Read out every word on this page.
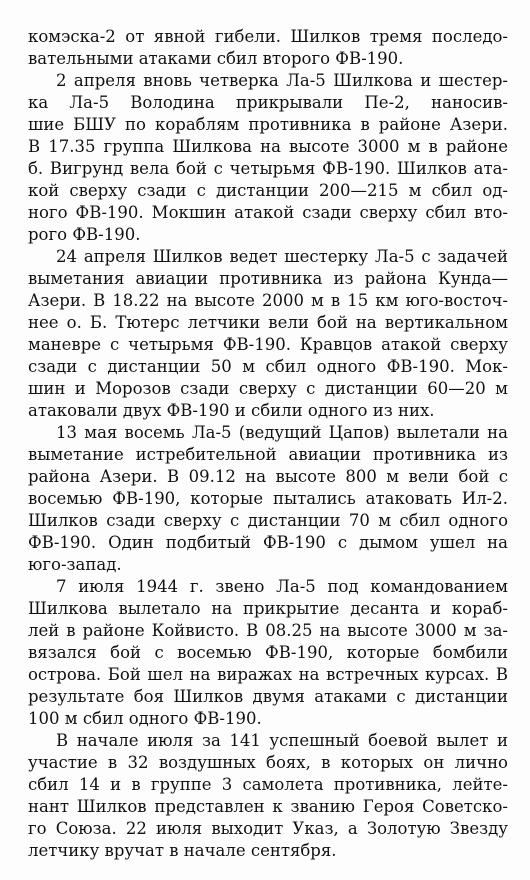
комэска-2 от явной гибели. Шилков тремя последо-
вательными атаками сбил второго ФВ-190.
2 апреля вновь четверка Ла-5 Шилкова и шестер-
ка Ла-5 Володина прикрывали Пе-2, наносив-
шие БШУ по кораблям противника в районе Азери.
В 17.35 группа Шилкова на высоте 3000 м в районе
б. Вигрунд вела бой с четырьмя ФВ-190. Шилков ата-
кой сверху сзади с дистанции 200—215 м сбил од-
ного ФВ-190. Мокшин атакой сзади сверху сбил вто-
рого ФВ-190.
24 апреля Шилков ведет шестерку Ла-5 с задачей
выметания авиации противника из района Кунда—
Азери. В 18.22 на высоте 2000 м в 15 км юго-восточ-
нее о. Б. Тютерс летчики вели бой на вертикальном
маневре с четырьмя ФВ-190. Кравцов атакой сверху
сзади с дистанции 50 м сбил одного ФВ-190. Мок-
шин и Морозов сзади сверху с дистанции 60—20 м
атаковали двух ФВ-190 и сбили одного из них.
13 мая восемь Ла-5 (ведущий Цапов) вылетали на
выметание истребительной авиации противника из
района Азери. В 09.12 на высоте 800 м вели бой с
восемью ФВ-190, которые пытались атаковать Ил-2.
Шилков сзади сверху с дистанции 70 м сбил одного
ФВ-190. Один подбитый ФВ-190 с дымом ушел на
юго-запад.
7 июля 1944 г. звено Ла-5 под командованием
Шилкова вылетало на прикрытие десанта и кораб-
лей в районе Койвисто. В 08.25 на высоте 3000 м за-
вязался бой с восемью ФВ-190, которые бомбили
острова. Бой шел на виражах на встречных курсах. В
результате боя Шилков двумя атаками с дистанции
100 м сбил одного ФВ-190.
В начале июля за 141 успешный боевой вылет и
участие в 32 воздушных боях, в которых он лично
сбил 14 и в группе 3 самолета противника, лейте-
нант Шилков представлен к званию Героя Советско-
го Союза. 22 июля выходит Указ, а Золотую Звезду
летчику вручат в начале сентября.
